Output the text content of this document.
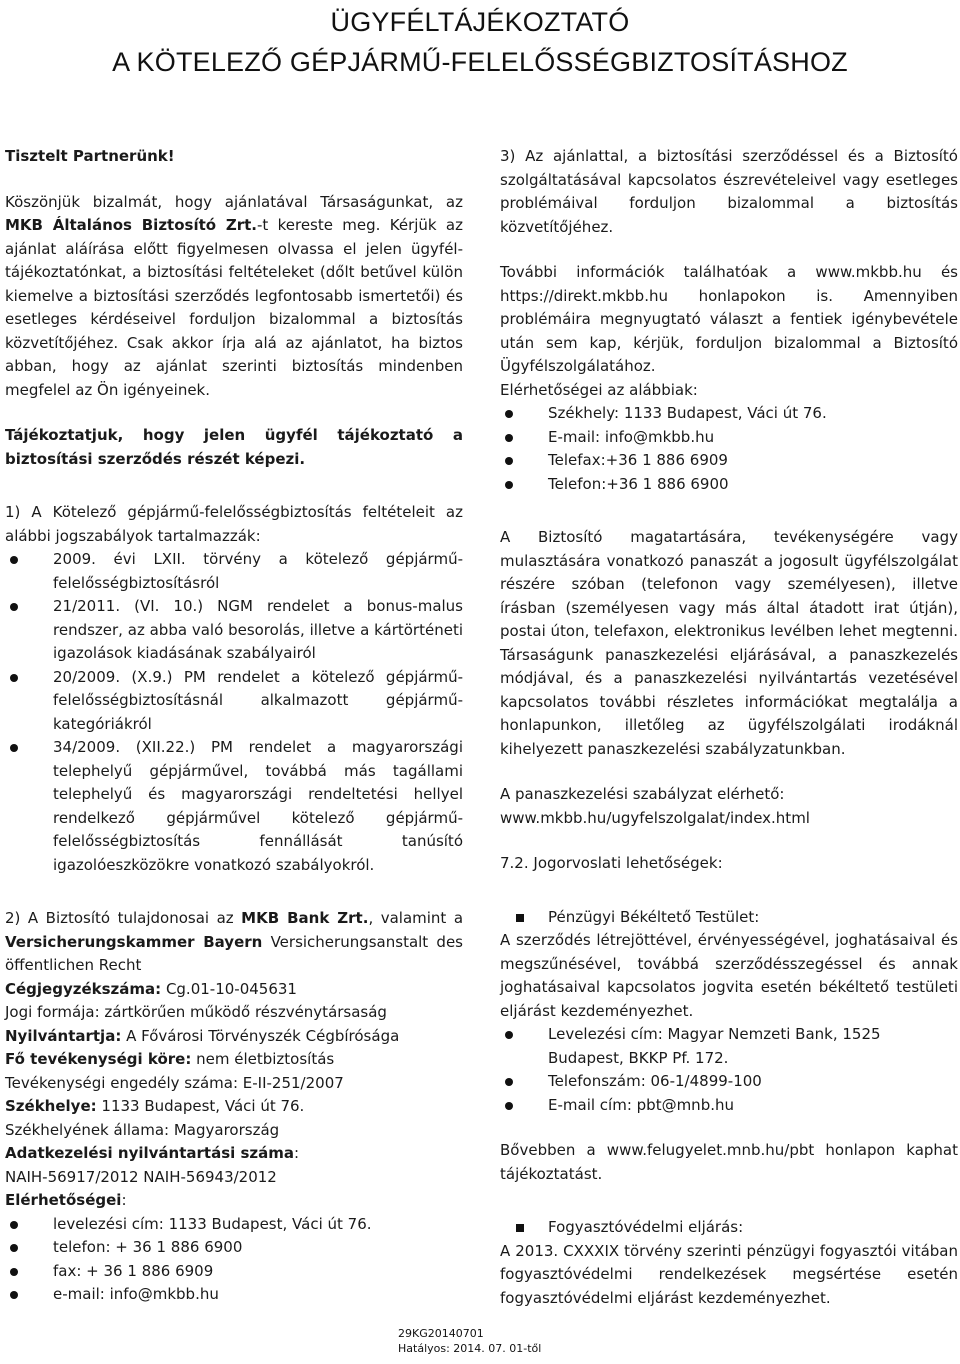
ÜGYFÉLTÁJÉKOZTATÓ
A KÖTELEZŐ GÉPJÁRMŰ-FELELŐSSÉGBIZTOSÍTÁSHOZ

Tisztelt Partnerünk!

Köszönjük bizalmát, hogy ajánlatával Társaságunkat, az MKB Általános Biztosító Zrt.-t kereste meg. Kérjük az ajánlat aláírása előtt figyelmesen olvassa el jelen ügyfél-tájékoztatónkat, a biztosítási feltételeket (dőlt betűvel külön kiemelve a biztosítási szerződés legfontosabb ismertetői) és esetleges kérdéseivel forduljon bizalommal a biztosítás közvetítőjéhez. Csak akkor írja alá az ajánlatot, ha biztos abban, hogy az ajánlat szerinti biztosítás mindenben megfelel az Ön igényeinek.

Tájékoztatjuk, hogy jelen ügyfél tájékoztató a biztosítási szerződés részét képezi.

1) A Kötelező gépjármű-felelősségbiztosítás feltételeit az alábbi jogszabályok tartalmazzák:

2009. évi LXII. törvény a kötelező gépjármű-felelősségbiztosításról
21/2011. (VI. 10.) NGM rendelet a bonus-malus rendszer, az abba való besorolás, illetve a kártörténeti igazolások kiadásának szabályairól
20/2009. (X.9.) PM rendelet a kötelező gépjármű-felelősségbiztosításnál alkalmazott gépjármű-kategóriákról
34/2009. (XII.22.) PM rendelet a magyarországi telephelyű gépjárművel, továbbá más tagállami telephelyű és magyarországi rendeltetési hellyel rendelkező gépjárművel kötelező gépjármű-felelősségbiztosítás fennállását tanúsító igazolóeszközökre vonatkozó szabályokról.

2) A Biztosító tulajdonosai az MKB Bank Zrt., valamint a Versicherungskammer Bayern Versicherungsanstalt des öffentlichen Recht

Cégjegyzékszáma: Cg.01-10-045631

Jogi formája: zártkörűen működő részvénytársaság

Nyilvántartja: A Fővárosi Törvényszék Cégbírósága

Fő tevékenységi köre: nem életbiztosítás

Tevékenységi engedély száma: E-II-251/2007

Székhelye: 1133 Budapest, Váci út 76.

Székhelyének állama: Magyarország

Adatkezelési nyilvántartási száma:

NAIH-56917/2012 NAIH-56943/2012

Elérhetőségei:

levelezési cím: 1133 Budapest, Váci út 76.
telefon: + 36 1 886 6900
fax: + 36 1 886 6909
e-mail: info@mkbb.hu

3) Az ajánlattal, a biztosítási szerződéssel és a Biztosító szolgáltatásával kapcsolatos észrevételeivel vagy esetleges problémáival forduljon bizalommal a biztosítás közvetítőjéhez.

További információk találhatóak a www.mkbb.hu és https://direkt.mkbb.hu honlapokon is. Amennyiben problémáira megnyugtató választ a fentiek igénybevétele után sem kap, kérjük, forduljon bizalommal a Biztosító Ügyfélszolgálatához.

Elérhetőségei az alábbiak:

Székhely: 1133 Budapest, Váci út 76.
E-mail: info@mkbb.hu
Telefax:+36 1 886 6909
Telefon:+36 1 886 6900

A Biztosító magatartására, tevékenységére vagy mulasztására vonatkozó panaszát a jogosult ügyfélszolgálat részére szóban (telefonon vagy személyesen), illetve írásban (személyesen vagy más által átadott irat útján), postai úton, telefaxon, elektronikus levélben lehet megtenni. Társaságunk panaszkezelési eljárásával, a panaszkezelés módjával, és a panaszkezelési nyilvántartás vezetésével kapcsolatos további részletes információkat megtalálja a honlapunkon, illetőleg az ügyfélszolgálati irodáknál kihelyezett panaszkezelési szabályzatunkban.

A panaszkezelési szabályzat elérhető:

www.mkbb.hu/ugyfelszolgalat/index.html

7.2. Jogorvoslati lehetőségek:

Pénzügyi Békéltető Testület:

A szerződés létrejöttével, érvényességével, joghatásaival és megszűnésével, továbbá szerződésszegéssel és annak joghatásaival kapcsolatos jogvita esetén békéltető testületi eljárást kezdeményezhet.

Levelezési cím: Magyar Nemzeti Bank, 1525 Budapest, BKKP Pf. 172.
Telefonszám: 06-1/4899-100
E-mail cím: pbt@mnb.hu

Bővebben a www.felugyelet.mnb.hu/pbt honlapon kaphat tájékoztatást.

Fogyasztóvédelmi eljárás:

A 2013. CXXXIX törvény szerinti pénzügyi fogyasztói vitában fogyasztóvédelmi rendelkezések megsértése esetén fogyasztóvédelmi eljárást kezdeményezhet.

29KG20140701
Hatályos: 2014. 07. 01-től
